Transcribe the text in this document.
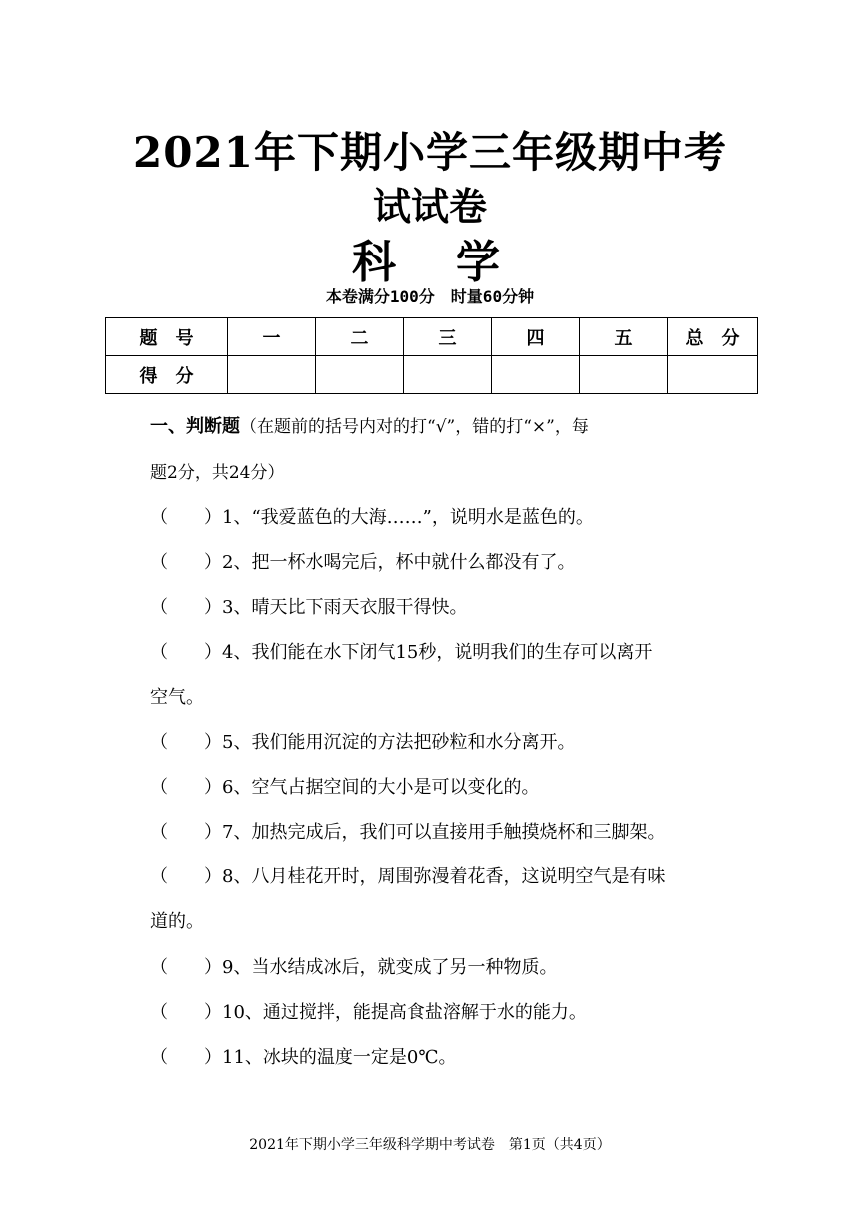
2021年下期小学三年级期中考
试试卷
科　学
本卷满分100分　时量60分钟
题　号	一	二	三	四	五	总　分
得　分						
一、判断题（在题前的括号内对的打“√”，错的打“×”，每
题2分，共24分）
（　　）1、“我爱蓝色的大海……”，说明水是蓝色的。
（　　）2、把一杯水喝完后，杯中就什么都没有了。
（　　）3、晴天比下雨天衣服干得快。
（　　）4、我们能在水下闭气15秒，说明我们的生存可以离开
空气。
（　　）5、我们能用沉淀的方法把砂粒和水分离开。
（　　）6、空气占据空间的大小是可以变化的。
（　　）7、加热完成后，我们可以直接用手触摸烧杯和三脚架。
（　　）8、八月桂花开时，周围弥漫着花香，这说明空气是有味
道的。
（　　）9、当水结成冰后，就变成了另一种物质。
（　　）10、通过搅拌，能提高食盐溶解于水的能力。
（　　）11、冰块的温度一定是0℃。
2021年下期小学三年级科学期中考试卷　第1页（共4页）
